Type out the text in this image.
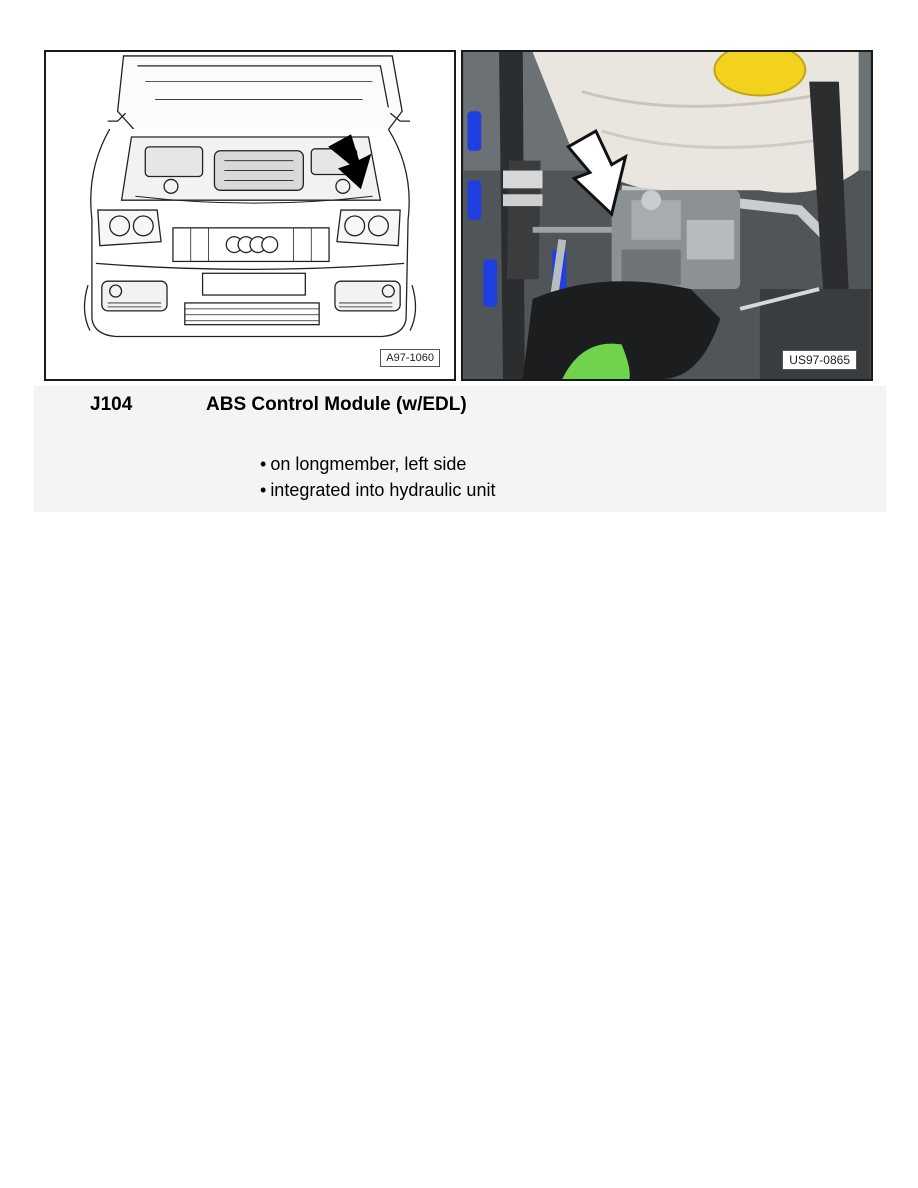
A97-1060	US97-0865
J104	ABS Control Module (w/EDL)
• on longmember, left side
• integrated into hydraulic unit
